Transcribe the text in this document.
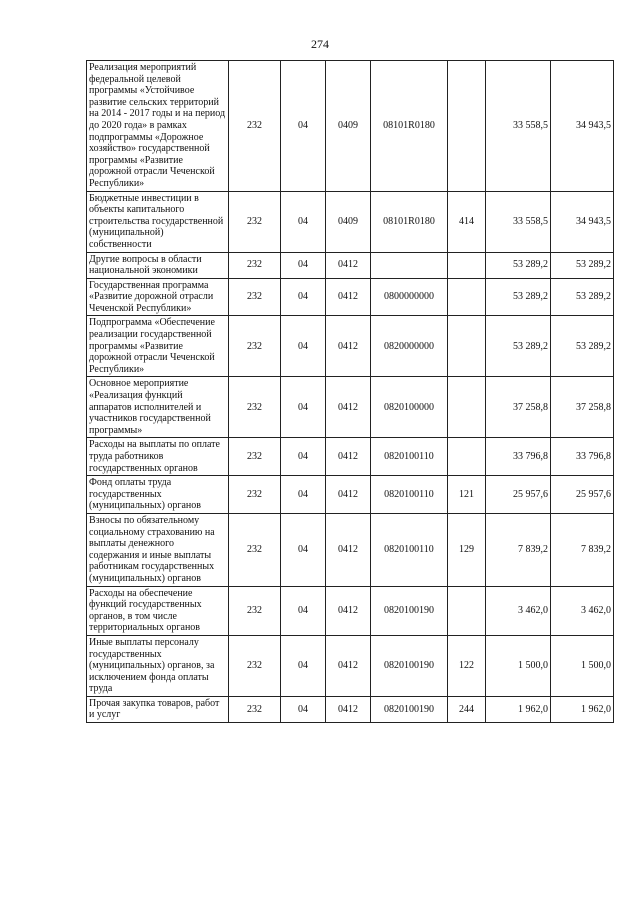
274
Реализация мероприятий федеральной целевой программы «Устойчивое развитие сельских территорий на 2014 - 2017 годы и на период до 2020 года» в рамках подпрограммы «Дорожное хозяйство» государственной программы «Развитие дорожной отрасли Чеченской Республики»	232	04	0409	08101R0180		33 558,5	34 943,5
Бюджетные инвестиции в объекты капитального строительства государственной (муниципальной) собственности	232	04	0409	08101R0180	414	33 558,5	34 943,5
Другие вопросы в области национальной экономики	232	04	0412			53 289,2	53 289,2
Государственная программа «Развитие дорожной отрасли Чеченской Республики»	232	04	0412	0800000000		53 289,2	53 289,2
Подпрограмма «Обеспечение реализации государственной программы «Развитие дорожной отрасли Чеченской Республики»	232	04	0412	0820000000		53 289,2	53 289,2
Основное мероприятие «Реализация функций аппаратов исполнителей и участников государственной программы»	232	04	0412	0820100000		37 258,8	37 258,8
Расходы на выплаты по оплате труда работников государственных органов	232	04	0412	0820100110		33 796,8	33 796,8
Фонд оплаты труда государственных (муниципальных) органов	232	04	0412	0820100110	121	25 957,6	25 957,6
Взносы по обязательному социальному страхованию на выплаты денежного содержания и иные выплаты работникам государственных (муниципальных) органов	232	04	0412	0820100110	129	7 839,2	7 839,2
Расходы на обеспечение функций государственных органов, в том числе территориальных органов	232	04	0412	0820100190		3 462,0	3 462,0
Иные выплаты персоналу государственных (муниципальных) органов, за исключением фонда оплаты труда	232	04	0412	0820100190	122	1 500,0	1 500,0
Прочая закупка товаров, работ и услуг	232	04	0412	0820100190	244	1 962,0	1 962,0
